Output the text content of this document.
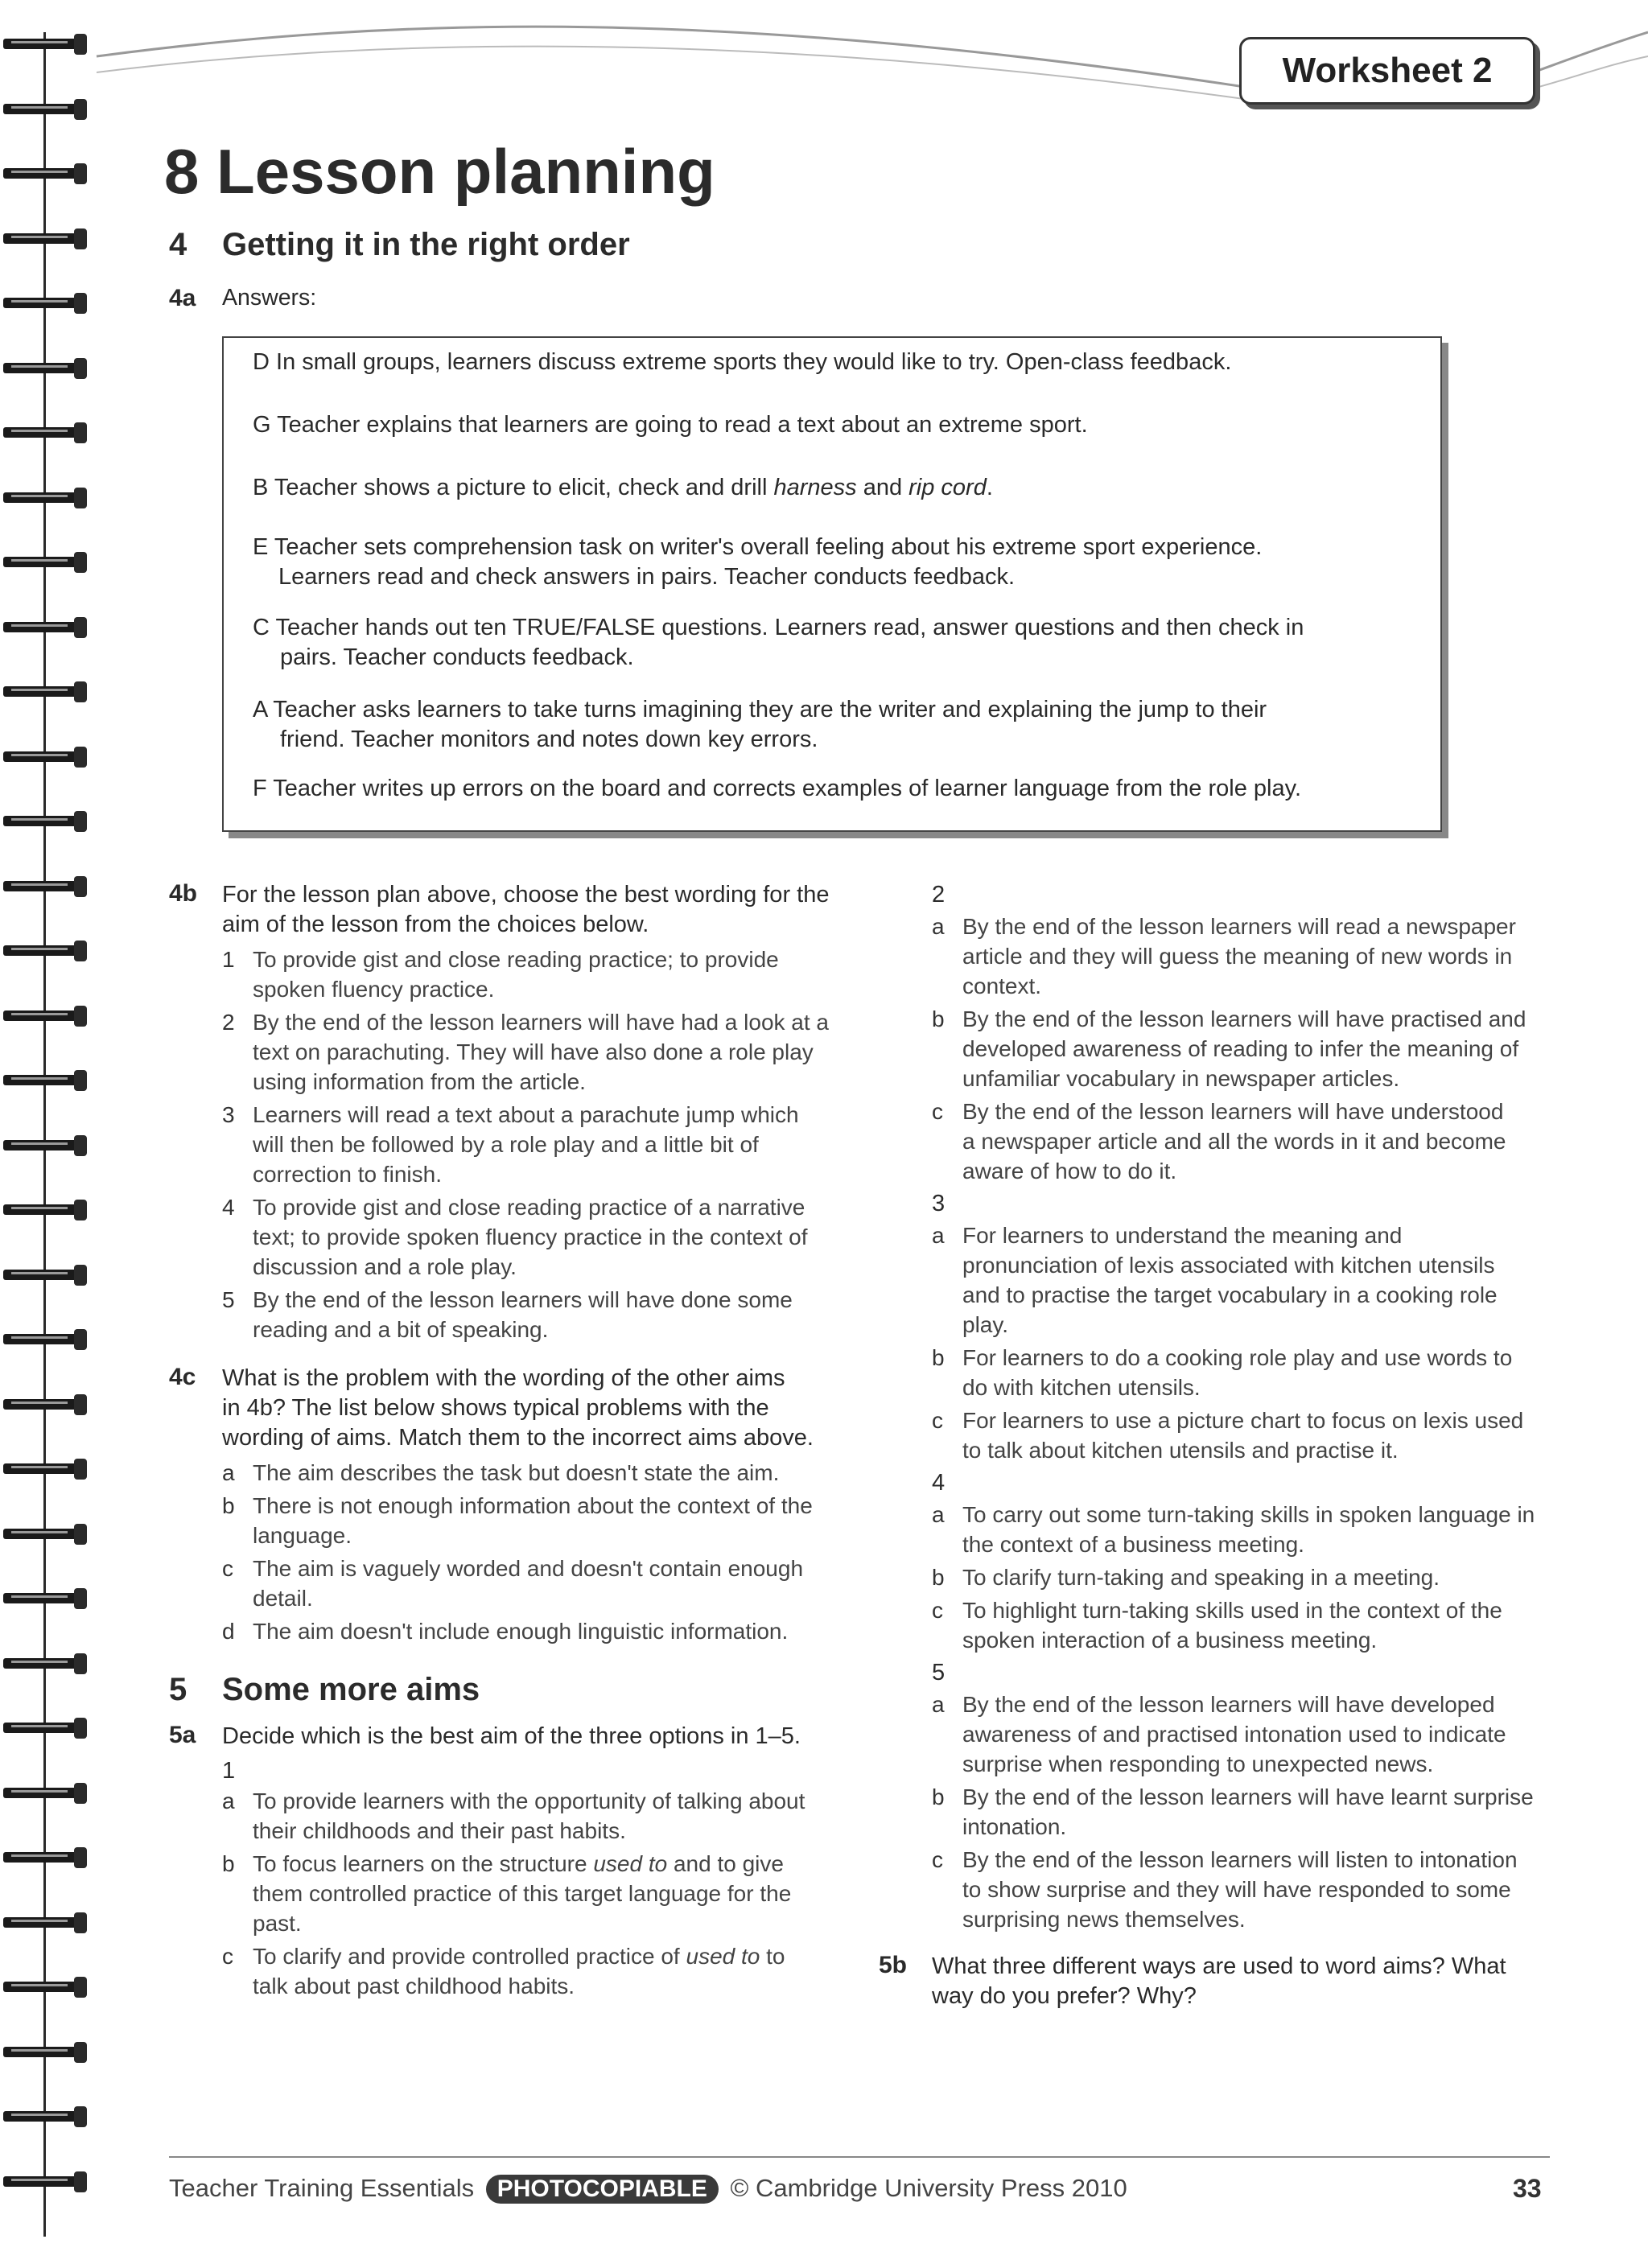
Worksheet 2
8 Lesson planning
4 Getting it in the right order
4a Answers:
D In small groups, learners discuss extreme sports they would like to try. Open-class feedback.
G Teacher explains that learners are going to read a text about an extreme sport.
B Teacher shows a picture to elicit, check and drill harness and rip cord.
E Teacher sets comprehension task on writer's overall feeling about his extreme sport experience.
Learners read and check answers in pairs. Teacher conducts feedback.
C Teacher hands out ten TRUE/FALSE questions. Learners read, answer questions and then check in
pairs. Teacher conducts feedback.
A Teacher asks learners to take turns imagining they are the writer and explaining the jump to their
friend. Teacher monitors and notes down key errors.
F Teacher writes up errors on the board and corrects examples of learner language from the role play.
Teacher Training Essentials PHOTOCOPIABLE © Cambridge University Press 2010	33
4b For the lesson plan above, choose the best wording for the
aim of the lesson from the choices below.
1 To provide gist and close reading practice; to provide
spoken fluency practice.
2 By the end of the lesson learners will have had a look at a
text on parachuting. They will have also done a role play
using information from the article.
3 Learners will read a text about a parachute jump which
will then be followed by a role play and a little bit of
correction to finish.
4 To provide gist and close reading practice of a narrative
text; to provide spoken fluency practice in the context of
discussion and a role play.
5 By the end of the lesson learners will have done some
reading and a bit of speaking.
4c What is the problem with the wording of the other aims
in 4b? The list below shows typical problems with the
wording of aims. Match them to the incorrect aims above.
a The aim describes the task but doesn't state the aim.
b There is not enough information about the context of the
language.
c The aim is vaguely worded and doesn't contain enough
detail.
d The aim doesn't include enough linguistic information.
5 Some more aims
5a Decide which is the best aim of the three options in 1–5.
1
a To provide learners with the opportunity of talking about
their childhoods and their past habits.
b To focus learners on the structure used to and to give
them controlled practice of this target language for the
past.
c To clarify and provide controlled practice of used to to
talk about past childhood habits.
2
a By the end of the lesson learners will read a newspaper
article and they will guess the meaning of new words in
context.
b By the end of the lesson learners will have practised and
developed awareness of reading to infer the meaning of
unfamiliar vocabulary in newspaper articles.
c By the end of the lesson learners will have understood
a newspaper article and all the words in it and become
aware of how to do it.
3
a For learners to understand the meaning and
pronunciation of lexis associated with kitchen utensils
and to practise the target vocabulary in a cooking role
play.
b For learners to do a cooking role play and use words to
do with kitchen utensils.
c For learners to use a picture chart to focus on lexis used
to talk about kitchen utensils and practise it.
4
a To carry out some turn-taking skills in spoken language in
the context of a business meeting.
b To clarify turn-taking and speaking in a meeting.
c To highlight turn-taking skills used in the context of the
spoken interaction of a business meeting.
5
a By the end of the lesson learners will have developed
awareness of and practised intonation used to indicate
surprise when responding to unexpected news.
b By the end of the lesson learners will have learnt surprise
intonation.
c By the end of the lesson learners will listen to intonation
to show surprise and they will have responded to some
surprising news themselves.
5b What three different ways are used to word aims? What
way do you prefer? Why?
